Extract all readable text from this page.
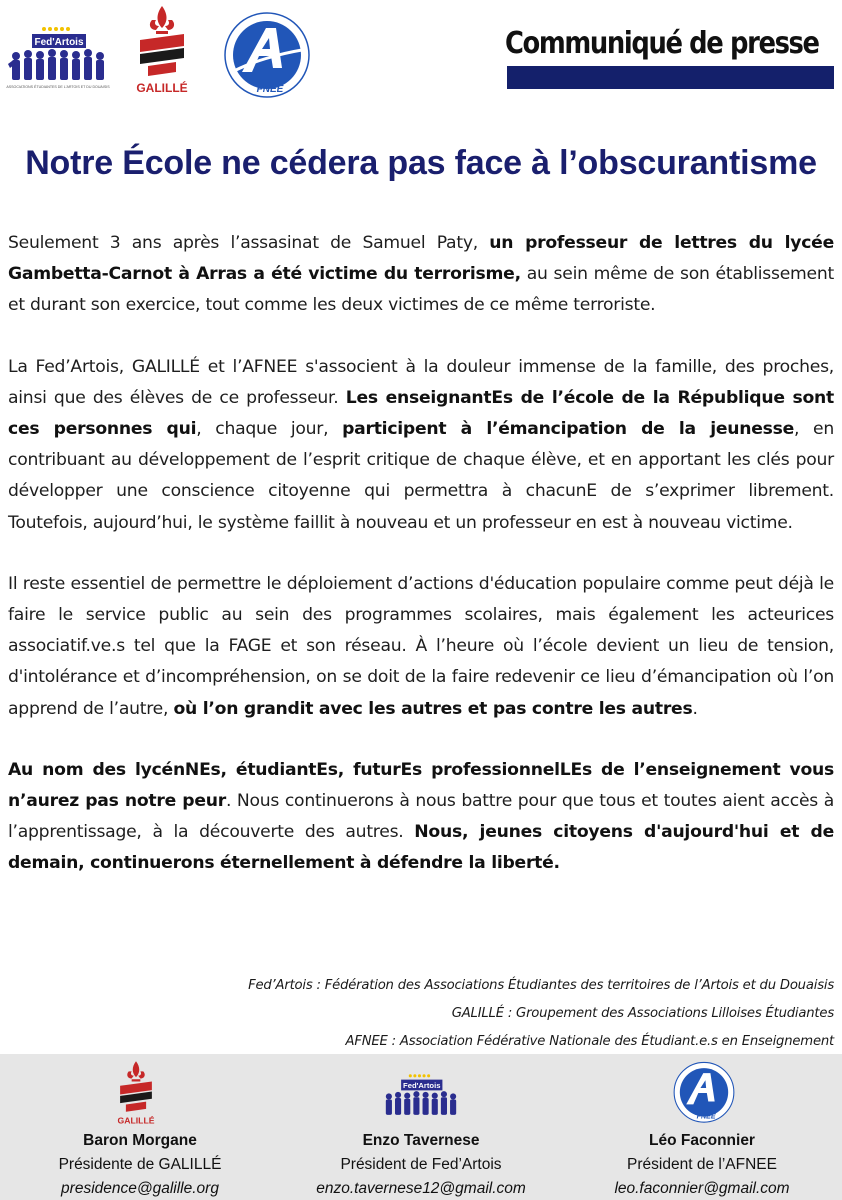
Fed'Artois
ASSOCIATIONS ÉTUDIANTES DE L'ARTOIS ET DU DOUAISIS GALILLÉ	FNEE
Communiqué de presse
Notre École ne cédera pas face à l’obscurantisme

Seulement 3 ans après l’assasinat de Samuel Paty, un professeur de lettres du lycée Gambetta-Carnot à Arras a été victime du terrorisme, au sein même de son établissement et durant son exercice, tout comme les deux victimes de ce même terroriste.

La Fed’Artois, GALILLÉ et l’AFNEE s'associent à la douleur immense de la famille, des proches, ainsi que des élèves de ce professeur. Les enseignantEs de l’école de la République sont ces personnes qui, chaque jour, participent à l’émancipation de la jeunesse, en contribuant au développement de l’esprit critique de chaque élève, et en apportant les clés pour développer une conscience citoyenne qui permettra à chacunE de s’exprimer librement. Toutefois, aujourd’hui, le système faillit à nouveau et un professeur en est à nouveau victime.

Il reste essentiel de permettre le déploiement d’actions d'éducation populaire comme peut déjà le faire le service public au sein des programmes scolaires, mais également les acteurices associatif.ve.s tel que la FAGE et son réseau. À l’heure où l’école devient un lieu de tension, d'intolérance et d’incompréhension, on se doit de la faire redevenir ce lieu d’émancipation où l’on apprend de l’autre, où l’on grandit avec les autres et pas contre les autres.

Au nom des lycénNEs, étudiantEs, futurEs professionnelLEs de l’enseignement vous n’aurez pas notre peur. Nous continuerons à nous battre pour que tous et toutes aient accès à l’apprentissage, à la découverte des autres. Nous, jeunes citoyens d'aujourd'hui et de demain, continuerons éternellement à défendre la liberté.

Fed’Artois : Fédération des Associations Étudiantes des territoires de l’Artois et du Douaisis
GALILLÉ : Groupement des Associations Lilloises Étudiantes
AFNEE : Association Fédérative Nationale des Étudiant.e.s en Enseignement
GALILLÉ
Baron Morgane
Présidente de GALILLÉ
presidence@galille.org
Fed'Artois
Enzo Tavernese
Président de Fed’Artois
enzo.tavernese12@gmail.com
FNEE
Léo Faconnier
Président de l’AFNEE
leo.faconnier@gmail.com
